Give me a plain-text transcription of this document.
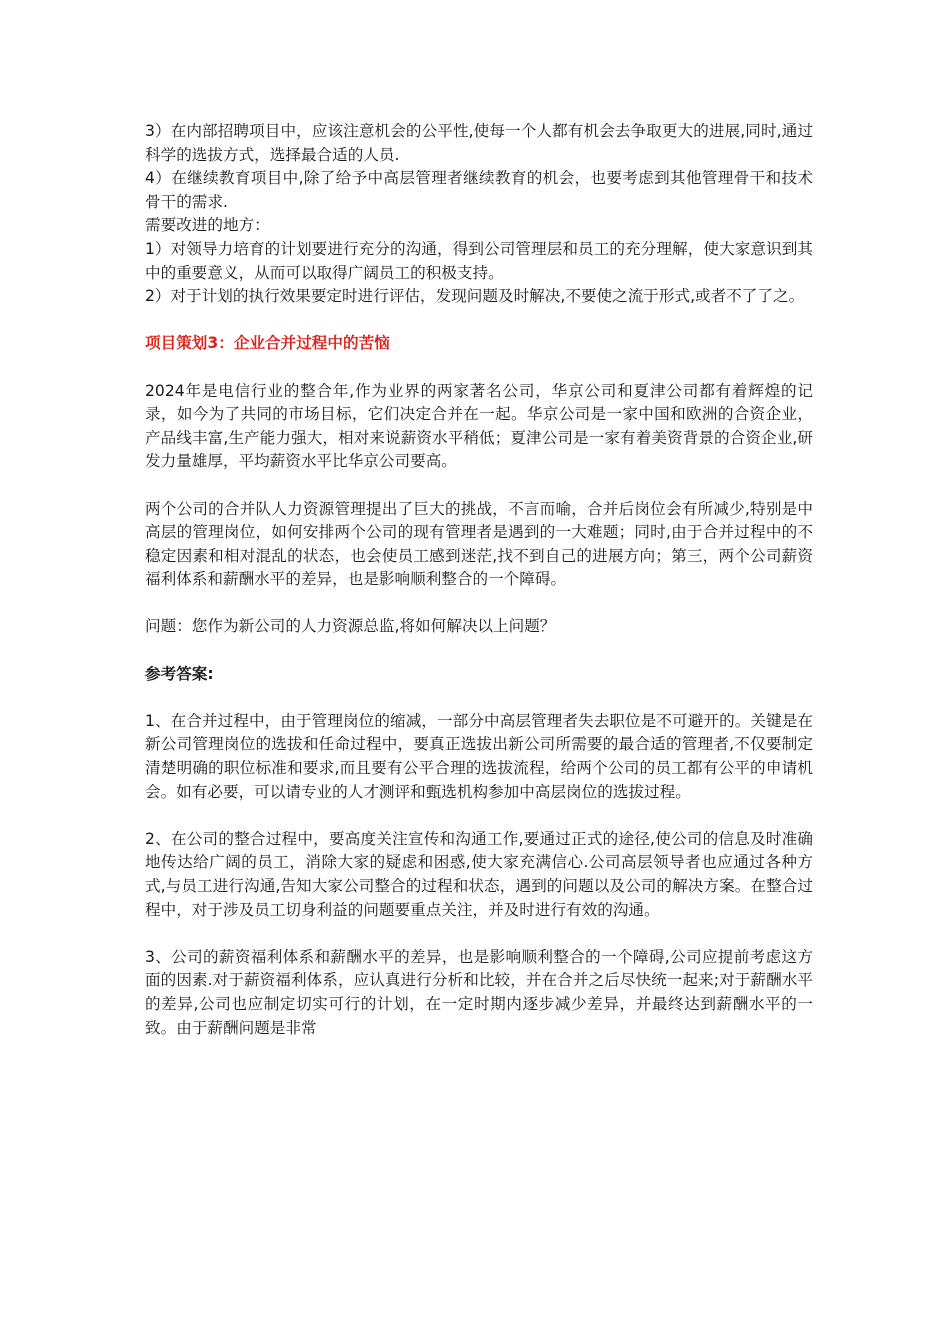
3）在内部招聘项目中，应该注意机会的公平性,使每一个人都有机会去争取更大的进展,同时,通过科学的选拔方式，选择最合适的人员.

4）在继续教育项目中,除了给予中高层管理者继续教育的机会，也要考虑到其他管理骨干和技术骨干的需求.

需要改进的地方：

1）对领导力培育的计划要进行充分的沟通，得到公司管理层和员工的充分理解，使大家意识到其中的重要意义，从而可以取得广阔员工的积极支持。

2）对于计划的执行效果要定时进行评估，发现问题及时解决,不要使之流于形式,或者不了了之。

项目策划3：企业合并过程中的苦恼

2024年是电信行业的整合年,作为业界的两家著名公司，华京公司和夏津公司都有着辉煌的记录，如今为了共同的市场目标，它们决定合并在一起。华京公司是一家中国和欧洲的合资企业，产品线丰富,生产能力强大，相对来说薪资水平稍低；夏津公司是一家有着美资背景的合资企业,研发力量雄厚，平均薪资水平比华京公司要高。

两个公司的合并队人力资源管理提出了巨大的挑战，不言而喻，合并后岗位会有所减少,特别是中高层的管理岗位，如何安排两个公司的现有管理者是遇到的一大难题；同时,由于合并过程中的不稳定因素和相对混乱的状态，也会使员工感到迷茫,找不到自己的进展方向；第三，两个公司薪资福利体系和薪酬水平的差异，也是影响顺利整合的一个障碍。

问题：您作为新公司的人力资源总监,将如何解决以上问题？

参考答案:

1、在合并过程中，由于管理岗位的缩减，一部分中高层管理者失去职位是不可避开的。关键是在新公司管理岗位的选拔和任命过程中，要真正选拔出新公司所需要的最合适的管理者,不仅要制定清楚明确的职位标准和要求,而且要有公平合理的选拔流程，给两个公司的员工都有公平的申请机会。如有必要，可以请专业的人才测评和甄选机构参加中高层岗位的选拔过程。

2、在公司的整合过程中，要高度关注宣传和沟通工作,要通过正式的途径,使公司的信息及时准确地传达给广阔的员工，消除大家的疑虑和困惑,使大家充满信心.公司高层领导者也应通过各种方式,与员工进行沟通,告知大家公司整合的过程和状态，遇到的问题以及公司的解决方案。在整合过程中，对于涉及员工切身利益的问题要重点关注，并及时进行有效的沟通。

3、公司的薪资福利体系和薪酬水平的差异，也是影响顺利整合的一个障碍,公司应提前考虑这方面的因素.对于薪资福利体系，应认真进行分析和比较，并在合并之后尽快统一起来;对于薪酬水平的差异,公司也应制定切实可行的计划，在一定时期内逐步减少差异，并最终达到薪酬水平的一致。由于薪酬问题是非常
